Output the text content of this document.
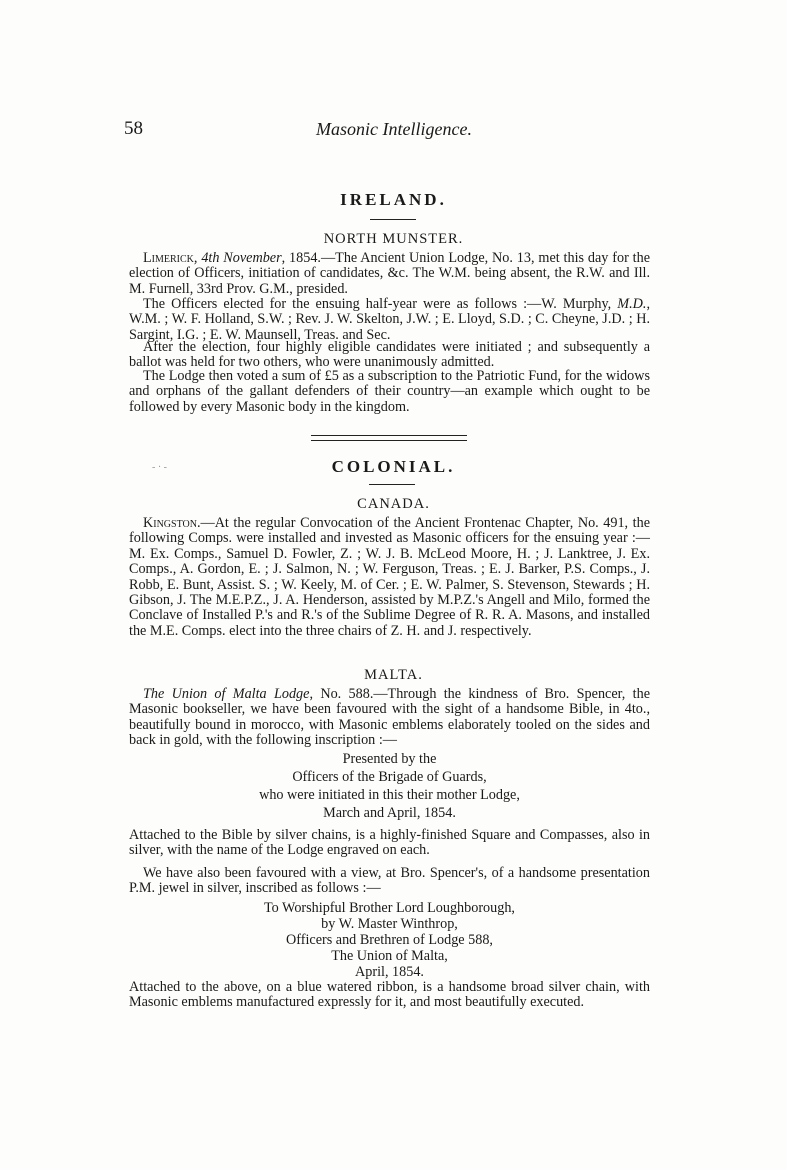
58	Masonic Intelligence.
IRELAND.
NORTH MUNSTER.

Limerick, 4th November, 1854.—The Ancient Union Lodge, No. 13, met this day for the election of Officers, initiation of candidates, &c. The W.M. being absent, the R.W. and Ill. M. Furnell, 33rd Prov. G.M., presided.

The Officers elected for the ensuing half-year were as follows :—W. Murphy, M.D., W.M. ; W. F. Holland, S.W. ; Rev. J. W. Skelton, J.W. ; E. Lloyd, S.D. ; C. Cheyne, J.D. ; H. Sargint, I.G. ; E. W. Maunsell, Treas. and Sec.

After the election, four highly eligible candidates were initiated ; and subsequently a ballot was held for two others, who were unanimously admitted.

The Lodge then voted a sum of £5 as a subscription to the Patriotic Fund, for the widows and orphans of the gallant defenders of their country—an example which ought to be followed by every Masonic body in the kingdom.

- · -	COLONIAL.
CANADA.

Kingston.—At the regular Convocation of the Ancient Frontenac Chapter, No. 491, the following Comps. were installed and invested as Masonic officers for the ensuing year :—M. Ex. Comps., Samuel D. Fowler, Z. ; W. J. B. McLeod Moore, H. ; J. Lanktree, J. Ex. Comps., A. Gordon, E. ; J. Salmon, N. ; W. Ferguson, Treas. ; E. J. Barker, P.S. Comps., J. Robb, E. Bunt, Assist. S. ; W. Keely, M. of Cer. ; E. W. Palmer, S. Stevenson, Stewards ; H. Gibson, J. The M.E.P.Z., J. A. Henderson, assisted by M.P.Z.'s Angell and Milo, formed the Conclave of Installed P.'s and R.'s of the Sublime Degree of R. R. A. Masons, and installed the M.E. Comps. elect into the three chairs of Z. H. and J. respectively.

MALTA.

The Union of Malta Lodge, No. 588.—Through the kindness of Bro. Spencer, the Masonic bookseller, we have been favoured with the sight of a handsome Bible, in 4to., beautifully bound in morocco, with Masonic emblems elaborately tooled on the sides and back in gold, with the following inscription :—

Presented by the
Officers of the Brigade of Guards,
who were initiated in this their mother Lodge,
March and April, 1854.

Attached to the Bible by silver chains, is a highly-finished Square and Compasses, also in silver, with the name of the Lodge engraved on each.

We have also been favoured with a view, at Bro. Spencer's, of a handsome presentation P.M. jewel in silver, inscribed as follows :—

To Worshipful Brother Lord Loughborough,
by W. Master Winthrop,
Officers and Brethren of Lodge 588,
The Union of Malta,
April, 1854.

Attached to the above, on a blue watered ribbon, is a handsome broad silver chain, with Masonic emblems manufactured expressly for it, and most beautifully executed.
